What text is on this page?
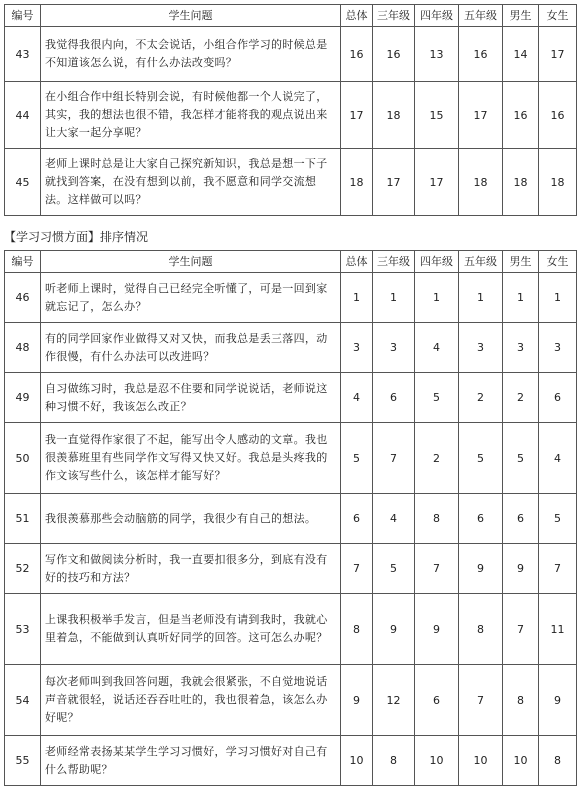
编号	学生问题	总体	三年级	四年级	五年级	男生	女生
43	我觉得我很内向，不太会说话，小组合作学习的时候总是不知道该怎么说，有什么办法改变吗？	16	16	13	16	14	17
44	在小组合作中组长特别会说，有时候他都一个人说完了，其实，我的想法也很不错，我怎样才能将我的观点说出来让大家一起分享呢？	17	18	15	17	16	16
45	老师上课时总是让大家自己探究新知识，我总是想一下子就找到答案，在没有想到以前，我不愿意和同学交流想法。这样做可以吗？	18	17	17	18	18	18
【学习习惯方面】排序情况
编号	学生问题	总体	三年级	四年级	五年级	男生	女生
46	听老师上课时，觉得自己已经完全听懂了，可是一回到家就忘记了，怎么办？	1	1	1	1	1	1
48	有的同学回家作业做得又对又快，而我总是丢三落四，动作很慢，有什么办法可以改进吗？	3	3	4	3	3	3
49	自习做练习时，我总是忍不住要和同学说说话，老师说这种习惯不好，我该怎么改正？	4	6	5	2	2	6
50	我一直觉得作家很了不起，能写出令人感动的文章。我也很羡慕班里有些同学作文写得又快又好。我总是头疼我的作文该写些什么，该怎样才能写好？	5	7	2	5	5	4
51	我很羡慕那些会动脑筋的同学，我很少有自己的想法。	6	4	8	6	6	5
52	写作文和做阅读分析时，我一直要扣很多分，到底有没有好的技巧和方法？	7	5	7	9	9	7
53	上课我积极举手发言，但是当老师没有请到我时，我就心里着急，不能做到认真听好同学的回答。这可怎么办呢？	8	9	9	8	7	11
54	每次老师叫到我回答问题，我就会很紧张，不自觉地说话声音就很轻，说话还吞吞吐吐的，我也很着急，该怎么办好呢？	9	12	6	7	8	9
55	老师经常表扬某某学生学习习惯好，学习习惯好对自己有什么帮助呢？	10	8	10	10	10	8
